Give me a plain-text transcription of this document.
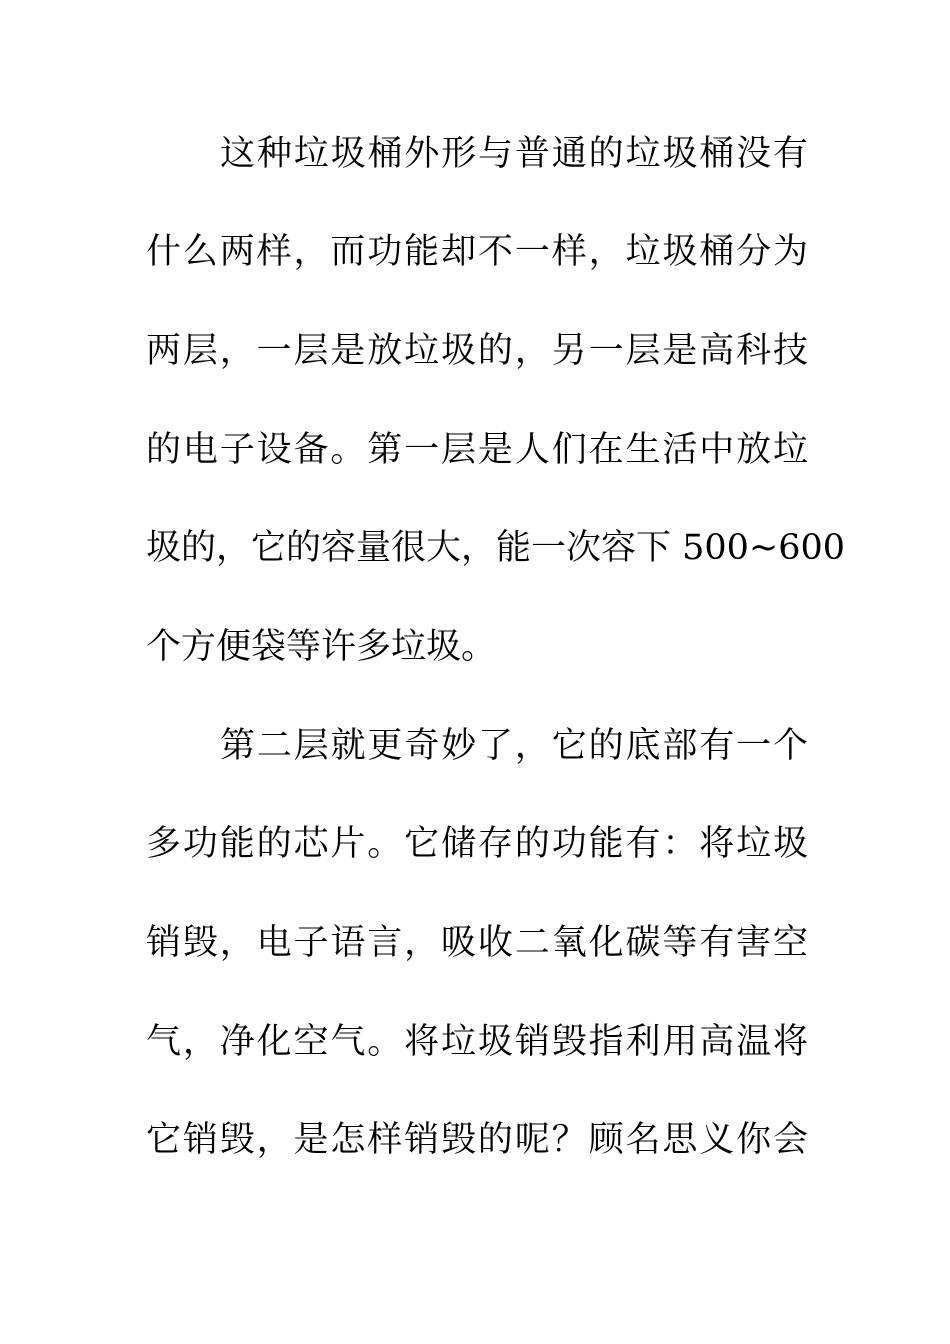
这种垃圾桶外形与普通的垃圾桶没有
什么两样，而功能却不一样，垃圾桶分为
两层，一层是放垃圾的，另一层是高科技
的电子设备。第一层是人们在生活中放垃
圾的，它的容量很大，能一次容下 500~600
个方便袋等许多垃圾。
第二层就更奇妙了，它的底部有一个
多功能的芯片。它储存的功能有：将垃圾
销毁，电子语言，吸收二氧化碳等有害空
气，净化空气。将垃圾销毁指利用高温将
它销毁，是怎样销毁的呢？顾名思义你会
